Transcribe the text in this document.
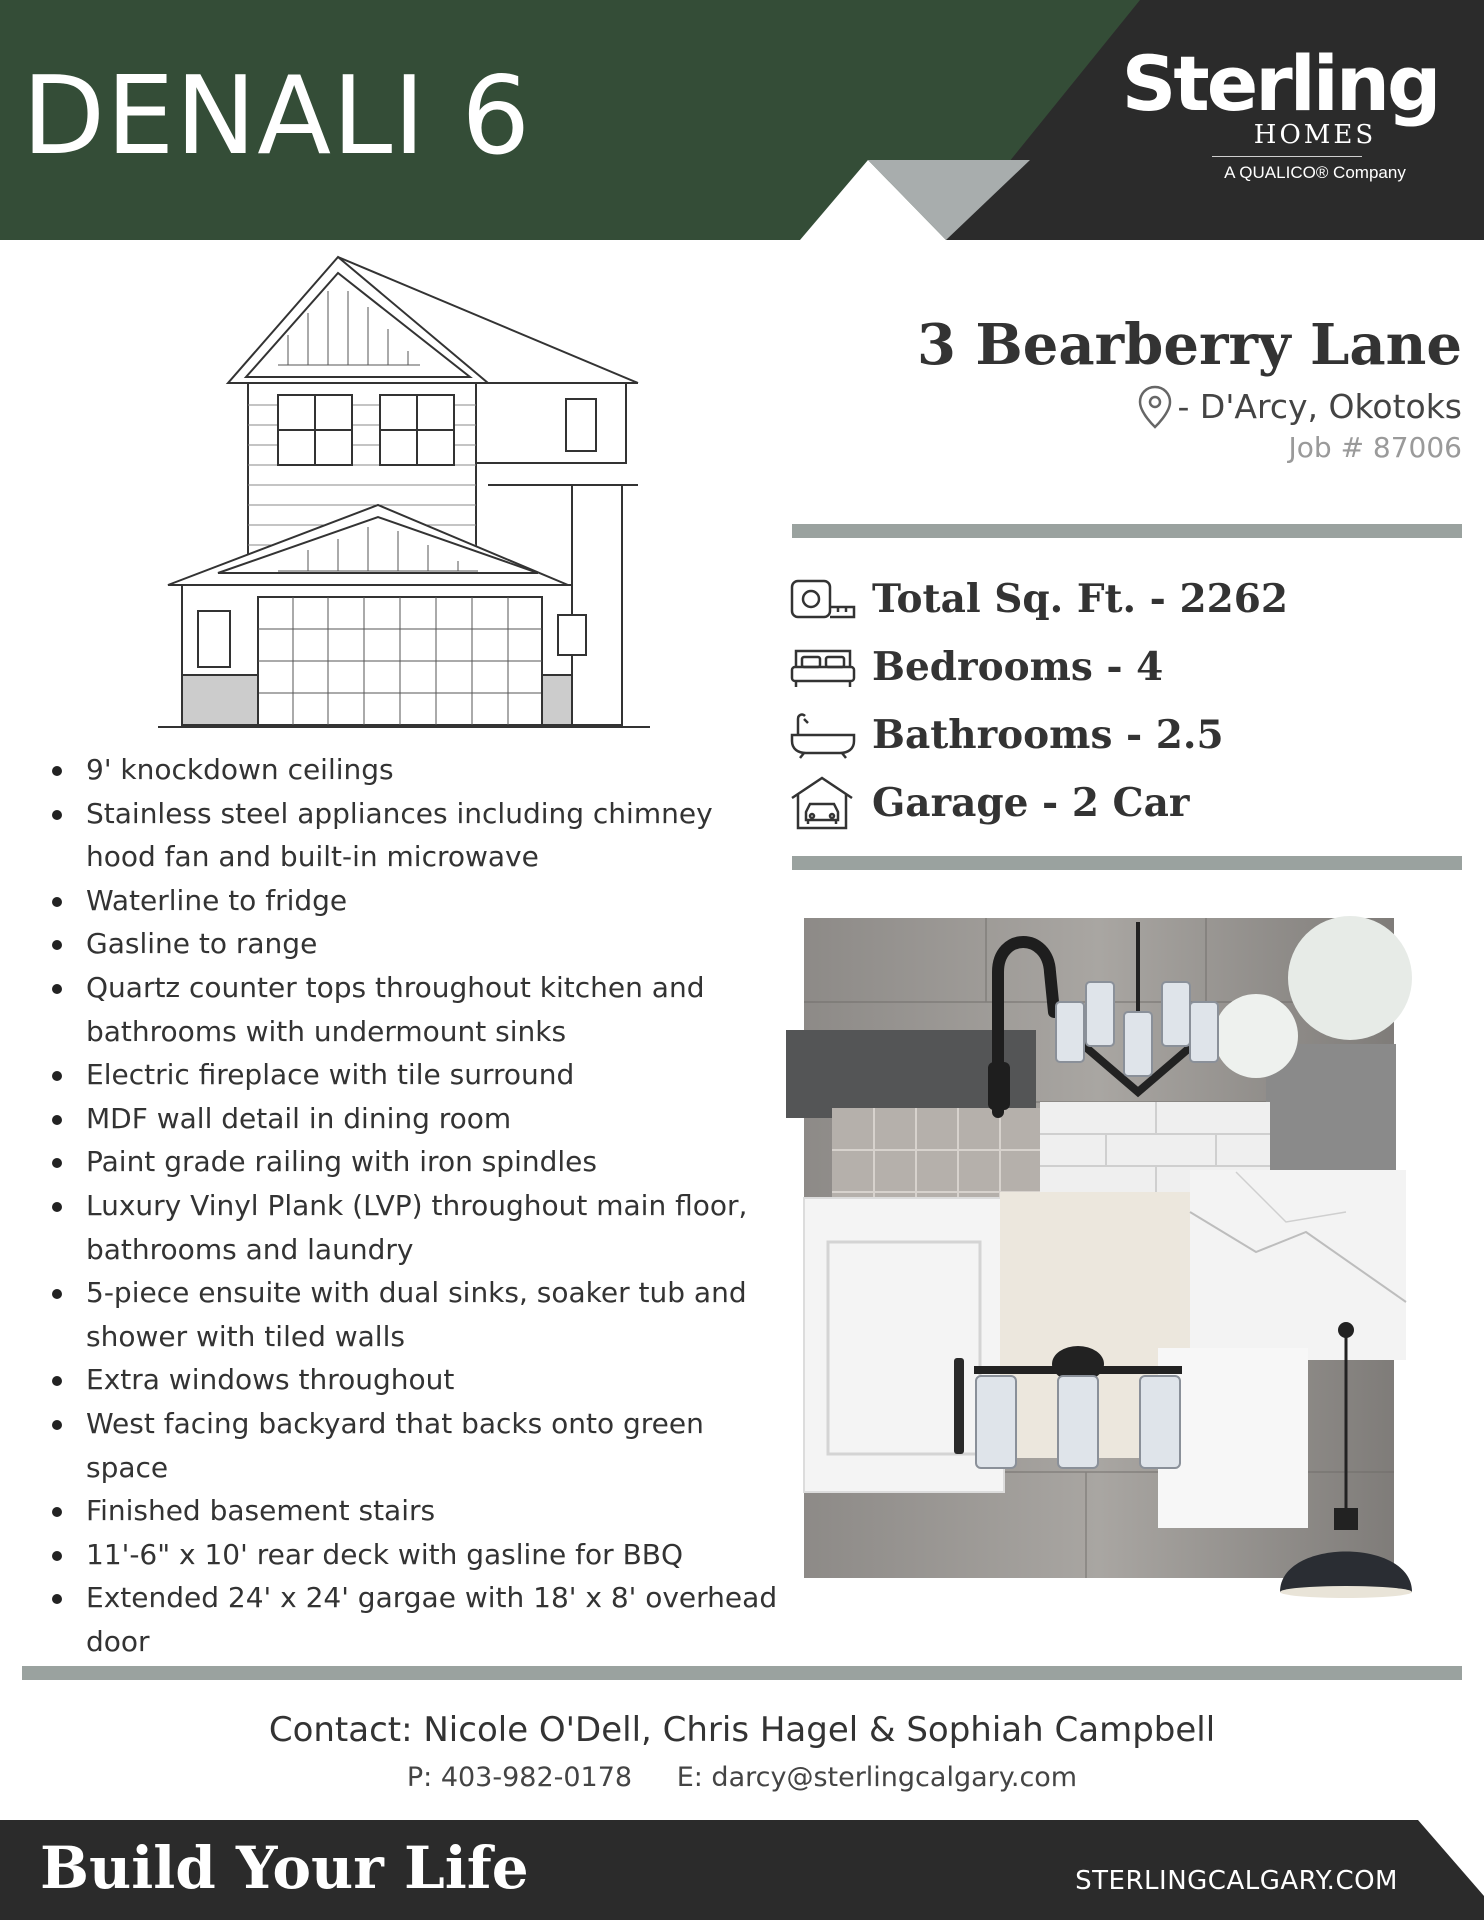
DENALI 6	Sterling
HOMES
A QUALICO® Company
3 Bearberry Lane
- D'Arcy, Okotoks
Job # 87006
Total Sq. Ft. - 2262
Bedrooms - 4
Bathrooms - 2.5
Garage - 2 Car
9' knockdown ceilings
Stainless steel appliances including chimney hood fan and built-in microwave
Waterline to fridge
Gasline to range
Quartz counter tops throughout kitchen and bathrooms with undermount sinks
Electric fireplace with tile surround
MDF wall detail in dining room
Paint grade railing with iron spindles
Luxury Vinyl Plank (LVP) throughout main floor, bathrooms and laundry
5-piece ensuite with dual sinks, soaker tub and shower with tiled walls
Extra windows throughout
West facing backyard that backs onto green space
Finished basement stairs
11'-6" x 10' rear deck with gasline for BBQ
Extended 24' x 24' gargae with 18' x 8' overhead door
Contact: Nicole O'Dell, Chris Hagel & Sophiah Campbell
P: 403-982-0178 E: darcy@sterlingcalgary.com
Build Your Life	STERLINGCALGARY.COM
